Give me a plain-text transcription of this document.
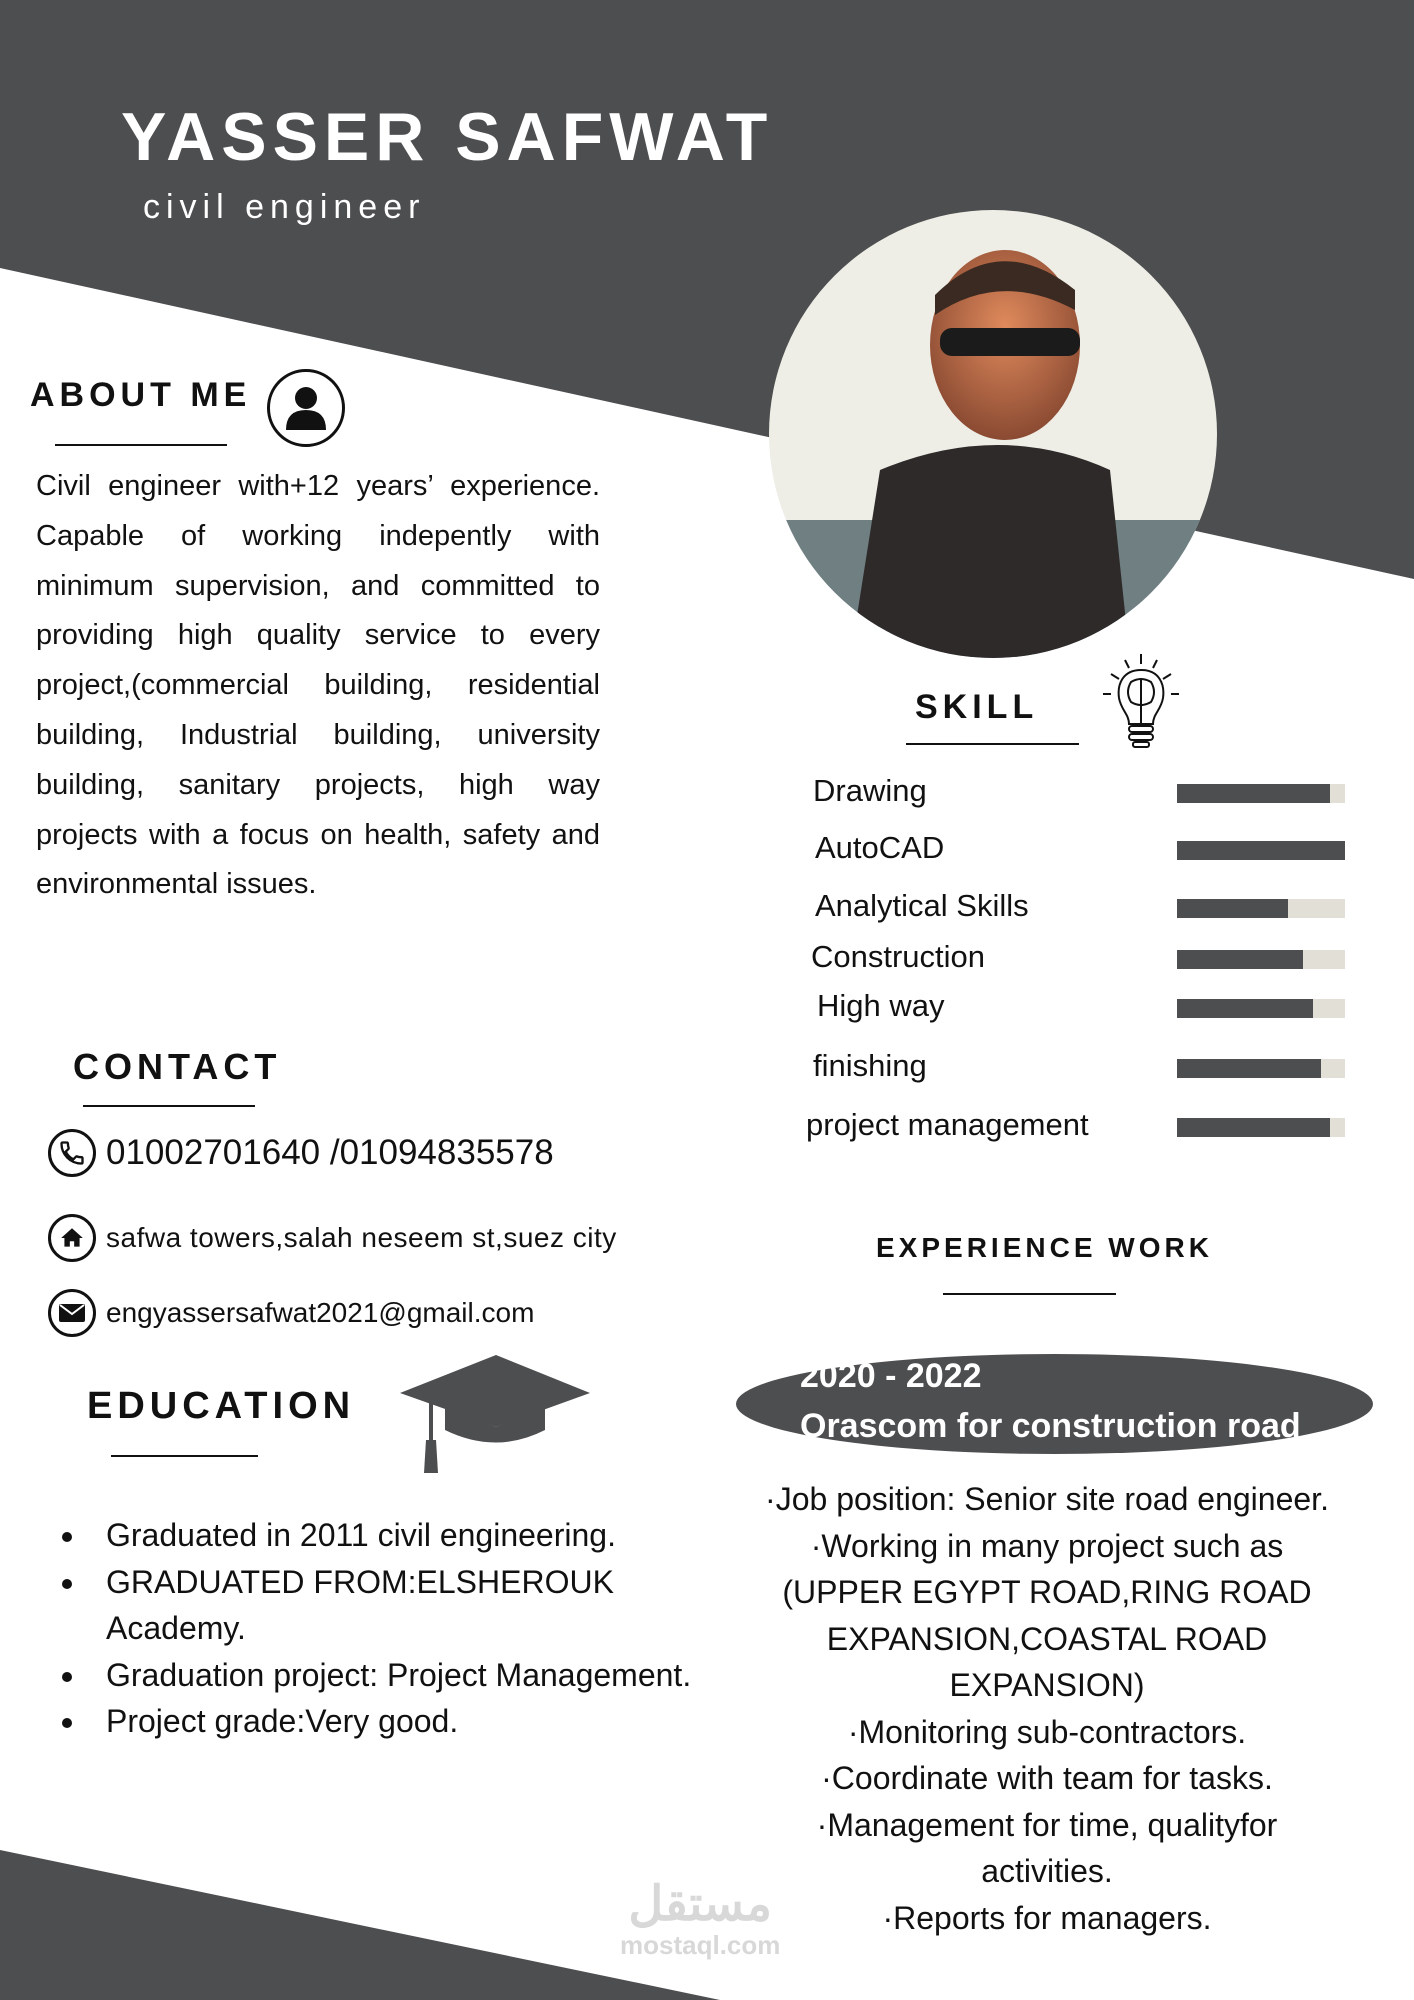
YASSER SAFWAT
civil engineer
ABOUT ME
Civil engineer with+12 years’ experience. Capable of working indepently with minimum supervision, and committed to providing high quality service to every project,(commercial building, residential building, Industrial building, university building, sanitary projects, high way projects with a focus on health, safety and environmental issues.
CONTACT
01002701640 /01094835578
safwa towers,salah neseem st,suez city
engyassersafwat2021@gmail.com
EDUCATION
• Graduated in 2011 civil engineering.
• GRADUATED FROM:ELSHEROUK Academy.
• Graduation project: Project Management.
• Project grade:Very good.
SKILL
Drawing
AutoCAD
Analytical Skills
Construction
High way
finishing
project management
EXPERIENCE WORK
2020 - 2022
Orascom for construction road
·Job position: Senior site road engineer.
·Working in many project such as
(UPPER EGYPT ROAD,RING ROAD
EXPANSION,COASTAL ROAD
EXPANSION)
·Monitoring sub-contractors.
·Coordinate with team for tasks.
·Management for time, qualityfor
activities.
·Reports for managers.
مستقل
mostaql.com
